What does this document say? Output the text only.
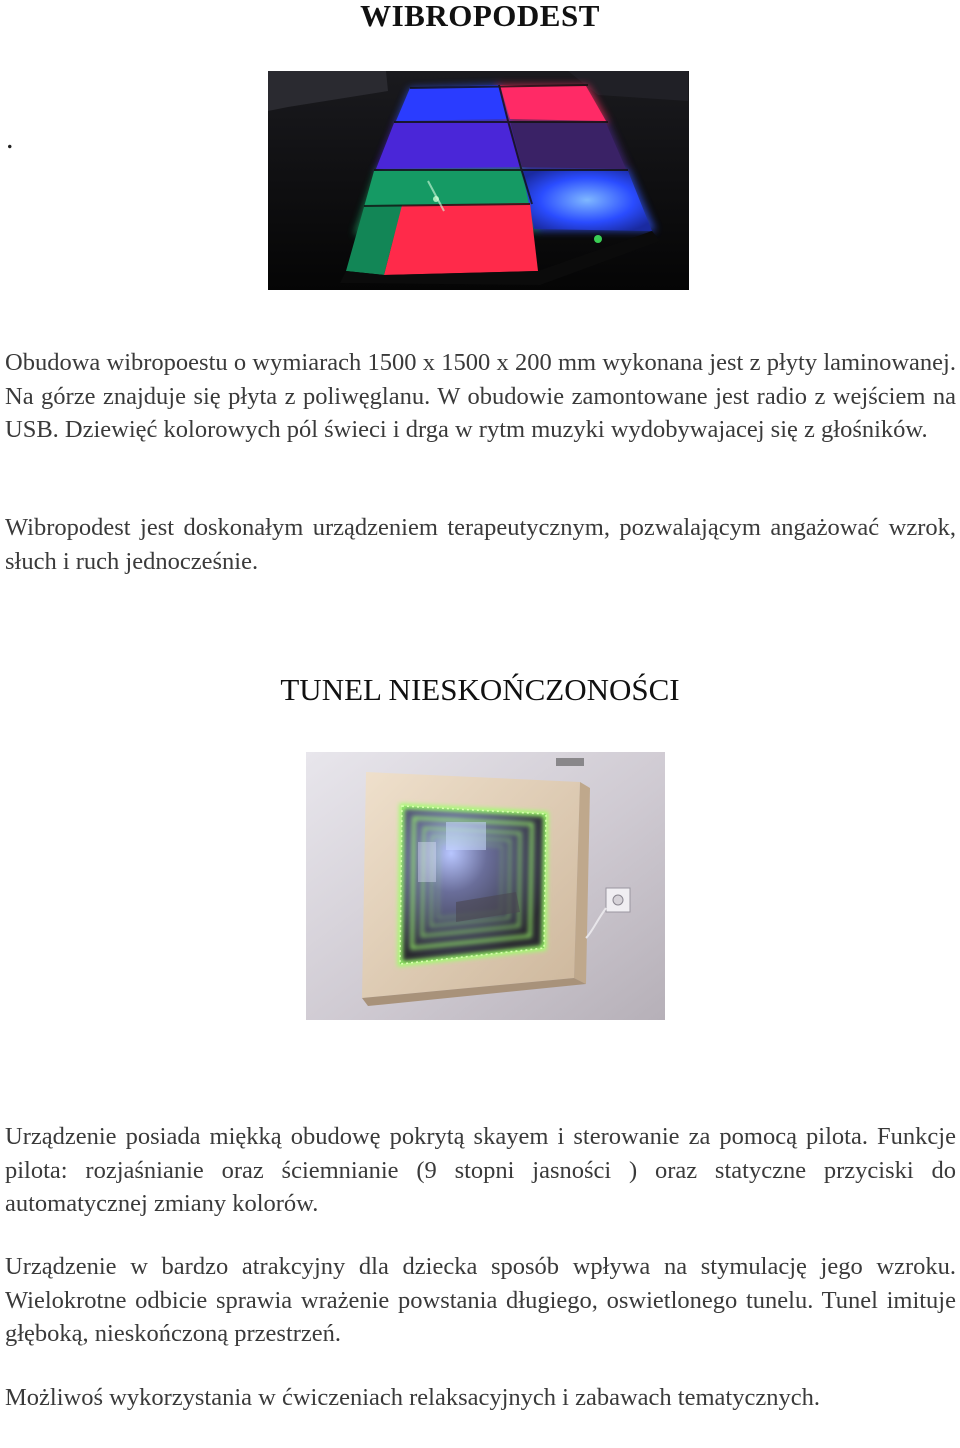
WIBROPODEST
.

Obudowa wibropoestu o wymiarach 1500 x 1500 x 200 mm wykonana jest z płyty laminowanej. Na górze znajduje się płyta z poliwęglanu. W obudowie zamontowane jest radio z wejściem na USB. Dziewięć kolorowych pól świeci i drga w rytm muzyki wydobywajacej się z głośników.

Wibropodest jest doskonałym urządzeniem terapeutycznym, pozwalającym angażować wzrok, słuch i ruch jednocześnie.

TUNEL NIESKOŃCZONOŚCI

Urządzenie posiada miękką obudowę pokrytą skayem i sterowanie za pomocą pilota. Funkcje pilota: rozjaśnianie oraz ściemnianie (9 stopni jasności ) oraz statyczne przyciski do automatycznej zmiany kolorów.

Urządzenie w bardzo atrakcyjny dla dziecka sposób wpływa na stymulację jego wzroku. Wielokrotne odbicie sprawia wrażenie powstania długiego, oswietlonego tunelu. Tunel imituje głęboką, nieskończoną przestrzeń.

Możliwoś wykorzystania w ćwiczeniach relaksacyjnych i zabawach tematycznych.
